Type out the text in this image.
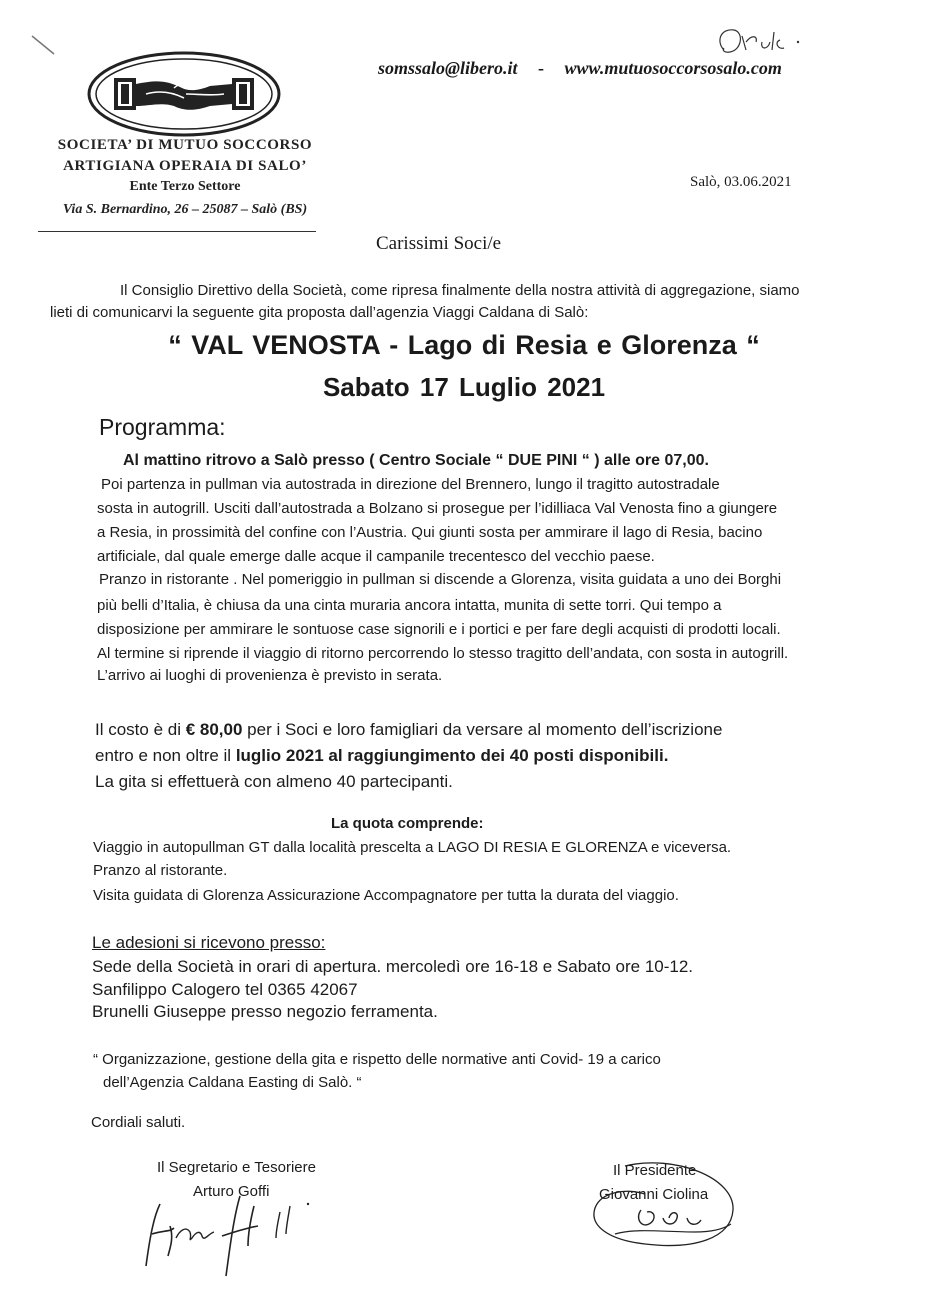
somssalo@libero.it - www.mutuosoccorsosalo.com
SOCIETA’ DI MUTUO SOCCORSO
ARTIGIANA OPERAIA DI SALO’
Ente Terzo Settore
Via S. Bernardino, 26 – 25087 – Salò (BS)
Salò, 03.06.2021
Carissimi Soci/e
Il Consiglio Direttivo della Società, come ripresa finalmente della nostra attività di aggregazione, siamo
lieti di comunicarvi la seguente gita proposta dall’agenzia Viaggi Caldana di Salò:
“ VAL VENOSTA - Lago di Resia e Glorenza “
Sabato 17 Luglio 2021
Programma:
Al mattino ritrovo a Salò presso ( Centro Sociale “ DUE PINI “ ) alle ore 07,00.
Poi partenza in pullman via autostrada in direzione del Brennero, lungo il tragitto autostradale
sosta in autogrill. Usciti dall’autostrada a Bolzano si prosegue per l’idilliaca Val Venosta fino a giungere
a Resia, in prossimità del confine con l’Austria. Qui giunti sosta per ammirare il lago di Resia, bacino
artificiale, dal quale emerge dalle acque il campanile trecentesco del vecchio paese.
Pranzo in ristorante . Nel pomeriggio in pullman si discende a Glorenza, visita guidata a uno dei Borghi
più belli d’Italia, è chiusa da una cinta muraria ancora intatta, munita di sette torri. Qui tempo a
disposizione per ammirare le sontuose case signorili e i portici e per fare degli acquisti di prodotti locali.
Al termine si riprende il viaggio di ritorno percorrendo lo stesso tragitto dell’andata, con sosta in autogrill.
L’arrivo ai luoghi di provenienza è previsto in serata.
Il costo è di € 80,00 per i Soci e loro famigliari da versare al momento dell’iscrizione
entro e non oltre il luglio 2021 al raggiungimento dei 40 posti disponibili.
La gita si effettuerà con almeno 40 partecipanti.
La quota comprende:
Viaggio in autopullman GT dalla località prescelta a LAGO DI RESIA E GLORENZA e viceversa.
Pranzo al ristorante.
Visita guidata di Glorenza Assicurazione Accompagnatore per tutta la durata del viaggio.
Le adesioni si ricevono presso:
Sede della Società in orari di apertura. mercoledì ore 16-18 e Sabato ore 10-12.
Sanfilippo Calogero tel 0365 42067
Brunelli Giuseppe presso negozio ferramenta.
“ Organizzazione, gestione della gita e rispetto delle normative anti Covid- 19 a carico
dell’Agenzia Caldana Easting di Salò. “
Cordiali saluti.
Il Segretario e Tesoriere
Arturo Goffi
Il Presidente
Giovanni Ciolina
